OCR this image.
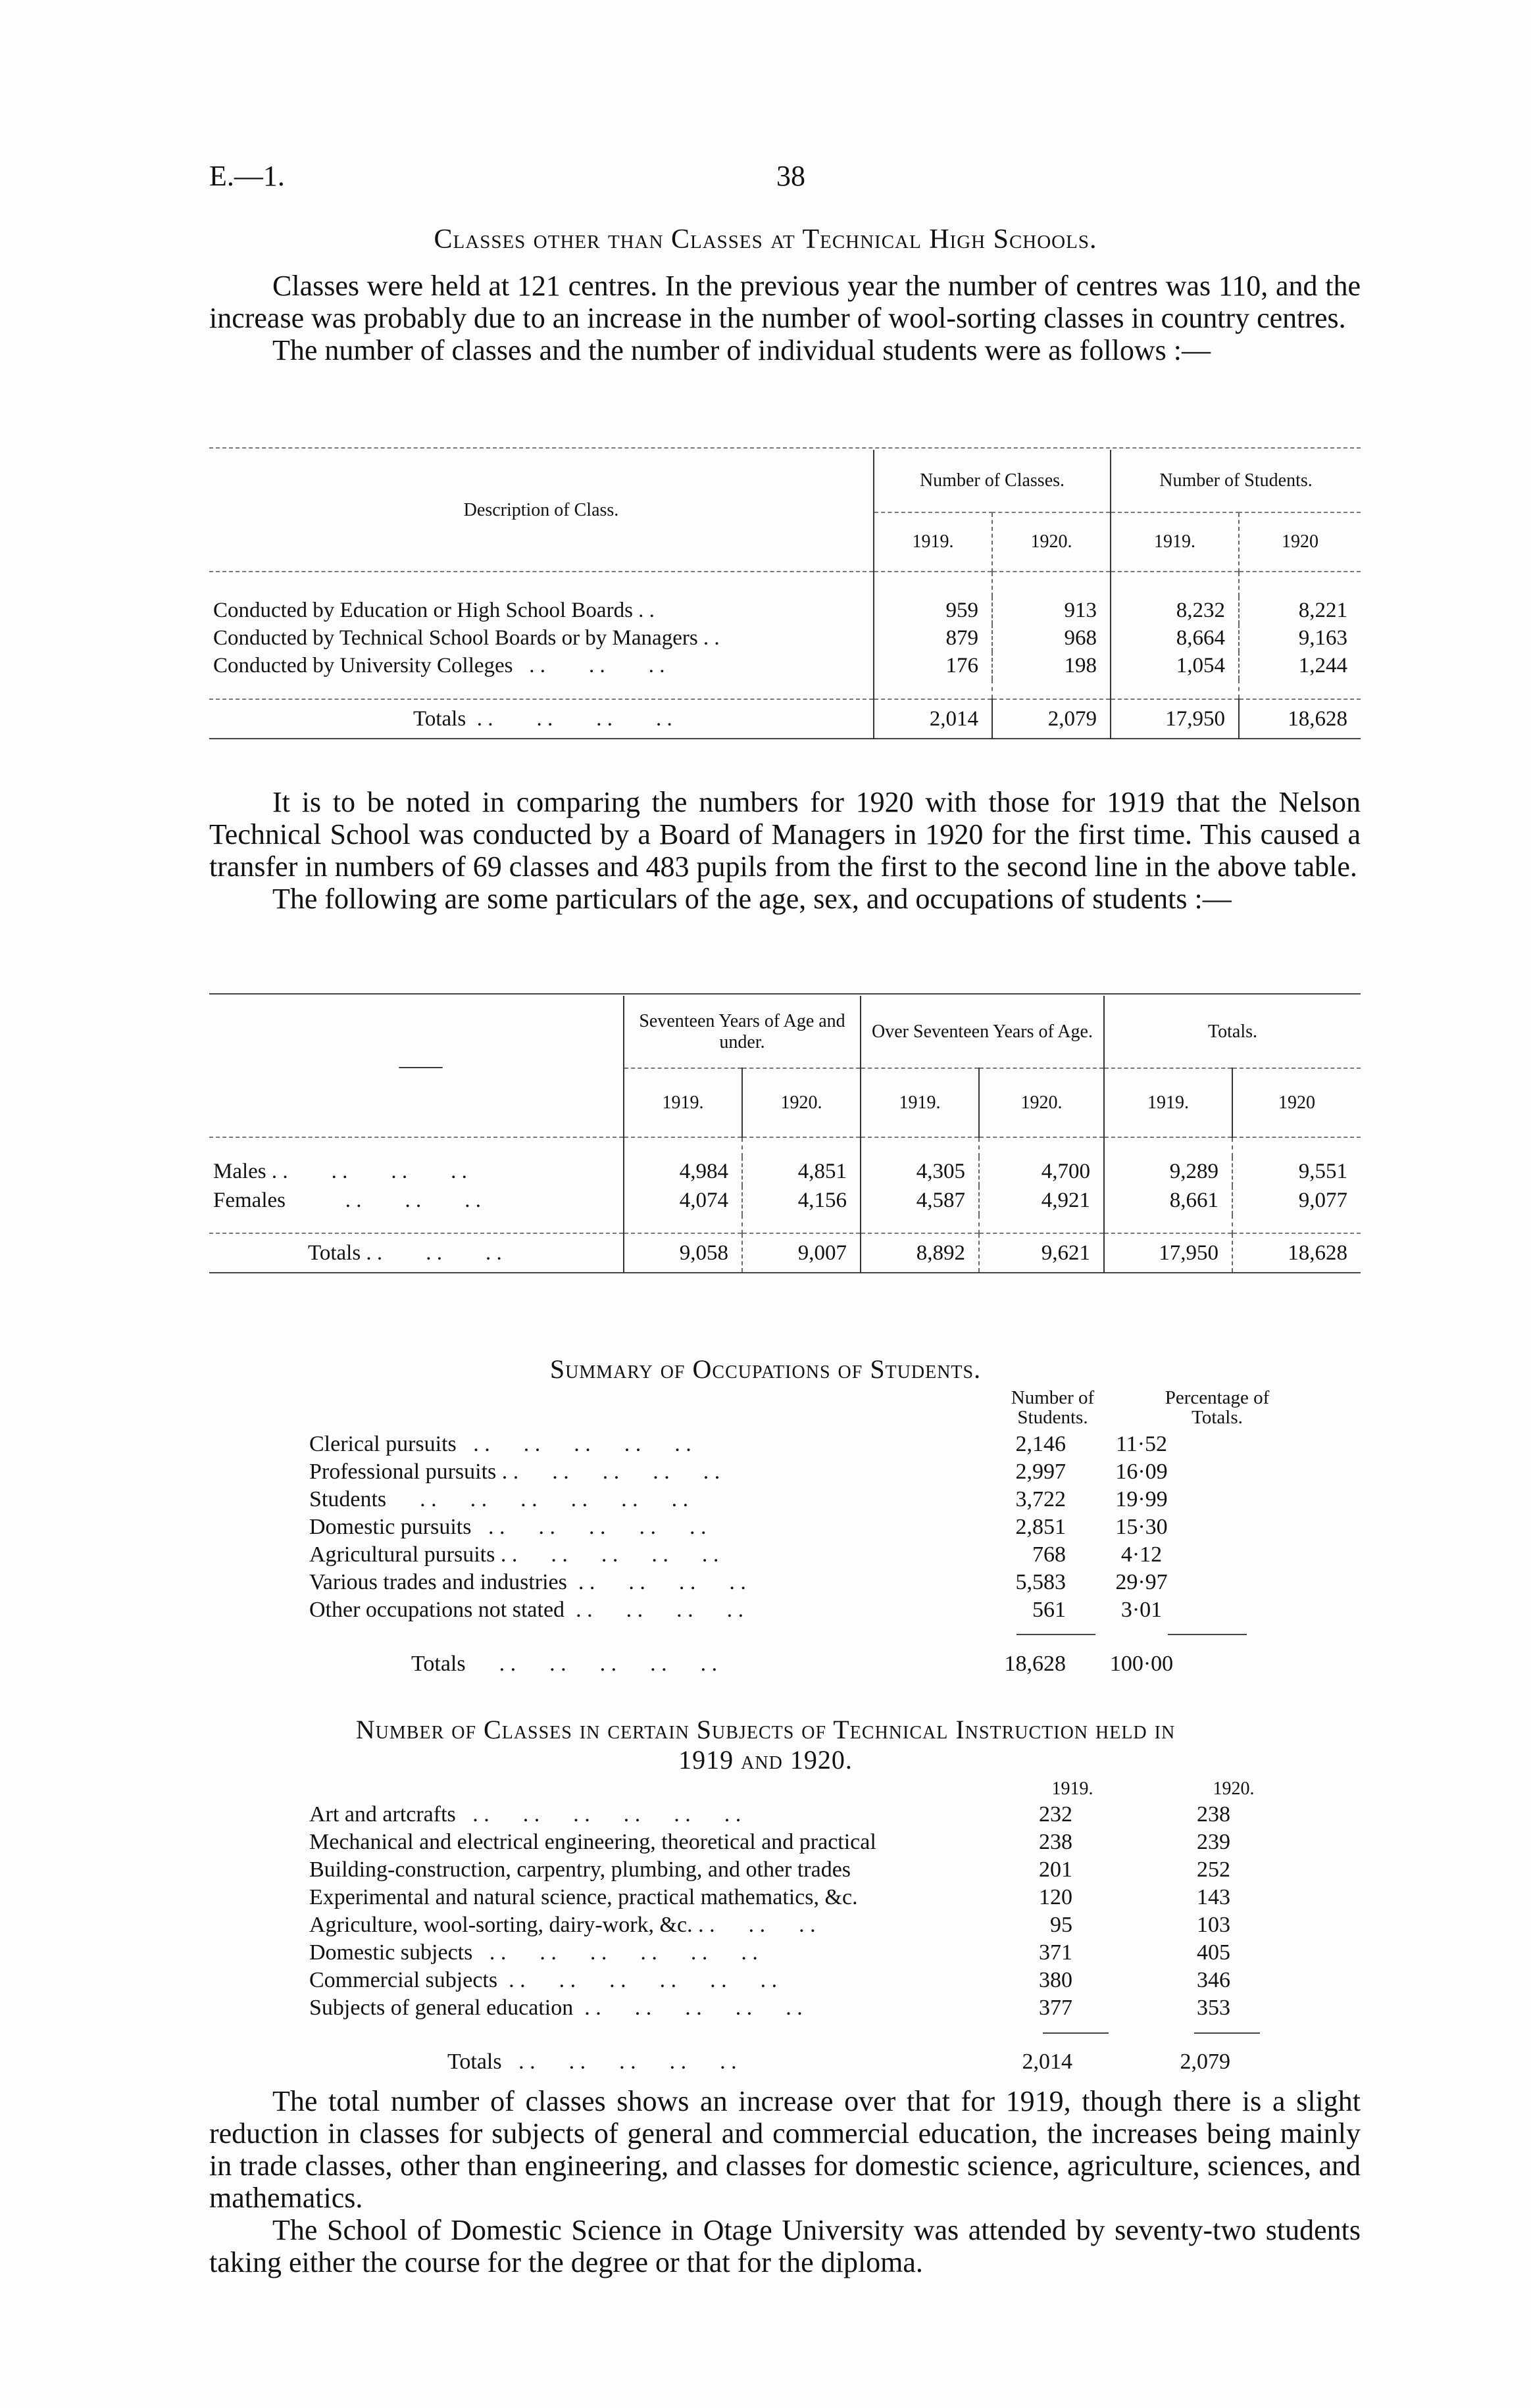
E.—1.	38
Classes other than Classes at Technical High Schools.

Classes were held at 121 centres. In the previous year the number of centres was 110, and the increase was probably due to an increase in the number of wool-sorting classes in country centres.

The number of classes and the number of individual students were as follows :—

Description of Class.	Number of Classes.		Number of Students.	
	1919.	1920.	1919.	1920

Conducted by Education or High School Boards . .	959	913	8,232	8,221
Conducted by Technical School Boards or by Managers . .	879	968	8,664	9,163
Conducted by University Colleges   . .        . .        . .	176	198	1,054	1,244

Totals  . .        . .        . .        . .	2,014	2,079	17,950	18,628

It is to be noted in comparing the numbers for 1920 with those for 1919 that the Nelson Technical School was conducted by a Board of Managers in 1920 for the first time. This caused a transfer in numbers of 69 classes and 483 pupils from the first to the second line in the above table.

The following are some particulars of the age, sex, and occupations of students :—

——	Seventeen Years of Age and under.		Over Seventeen Years of Age.		Totals.	
	1919.	1920.	1919.	1920.	1919.	1920

Males . .        . .        . .        . .	4,984	4,851	4,305	4,700	9,289	9,551
Females           . .        . .        . .	4,074	4,156	4,587	4,921	8,661	9,077

Totals . .        . .        . .	9,058	9,007	8,892	9,621	17,950	18,628
Summary of Occupations of Students.
Number of Students.
Percentage of Totals.
Clerical pursuits   . .      . .      . .      . .      . .	2,146	11·52
Professional pursuits . .      . .      . .      . .      . .	2,997	16·09
Students      . .      . .      . .      . .      . .      . .	3,722	19·99
Domestic pursuits   . .      . .      . .      . .      . .	2,851	15·30
Agricultural pursuits . .      . .      . .      . .      . .	768	4·12
Various trades and industries  . .      . .      . .      . .	5,583	29·97
Other occupations not stated  . .      . .      . .      . .	561	3·01
Totals      . .      . .      . .      . .      . .	18,628	100·00
Number of Classes in certain Subjects of Technical Instruction held in
1919 and 1920.
1919.	1920.
Art and artcrafts   . .      . .      . .      . .      . .      . .	232	238
Mechanical and electrical engineering, theoretical and practical	238	239
Building-construction, carpentry, plumbing, and other trades	201	252
Experimental and natural science, practical mathematics, &c.	120	143
Agriculture, wool-sorting, dairy-work, &c. . .      . .      . .	95	103
Domestic subjects   . .      . .      . .      . .      . .      . .	371	405
Commercial subjects  . .      . .      . .      . .      . .      . .	380	346
Subjects of general education  . .      . .      . .      . .      . .	377	353
Totals   . .      . .      . .      . .      . .	2,014	2,079

The total number of classes shows an increase over that for 1919, though there is a slight reduction in classes for subjects of general and commercial education, the increases being mainly in trade classes, other than engineering, and classes for domestic science, agriculture, sciences, and mathematics.

The School of Domestic Science in Otage University was attended by seventy-two students taking either the course for the degree or that for the diploma.
